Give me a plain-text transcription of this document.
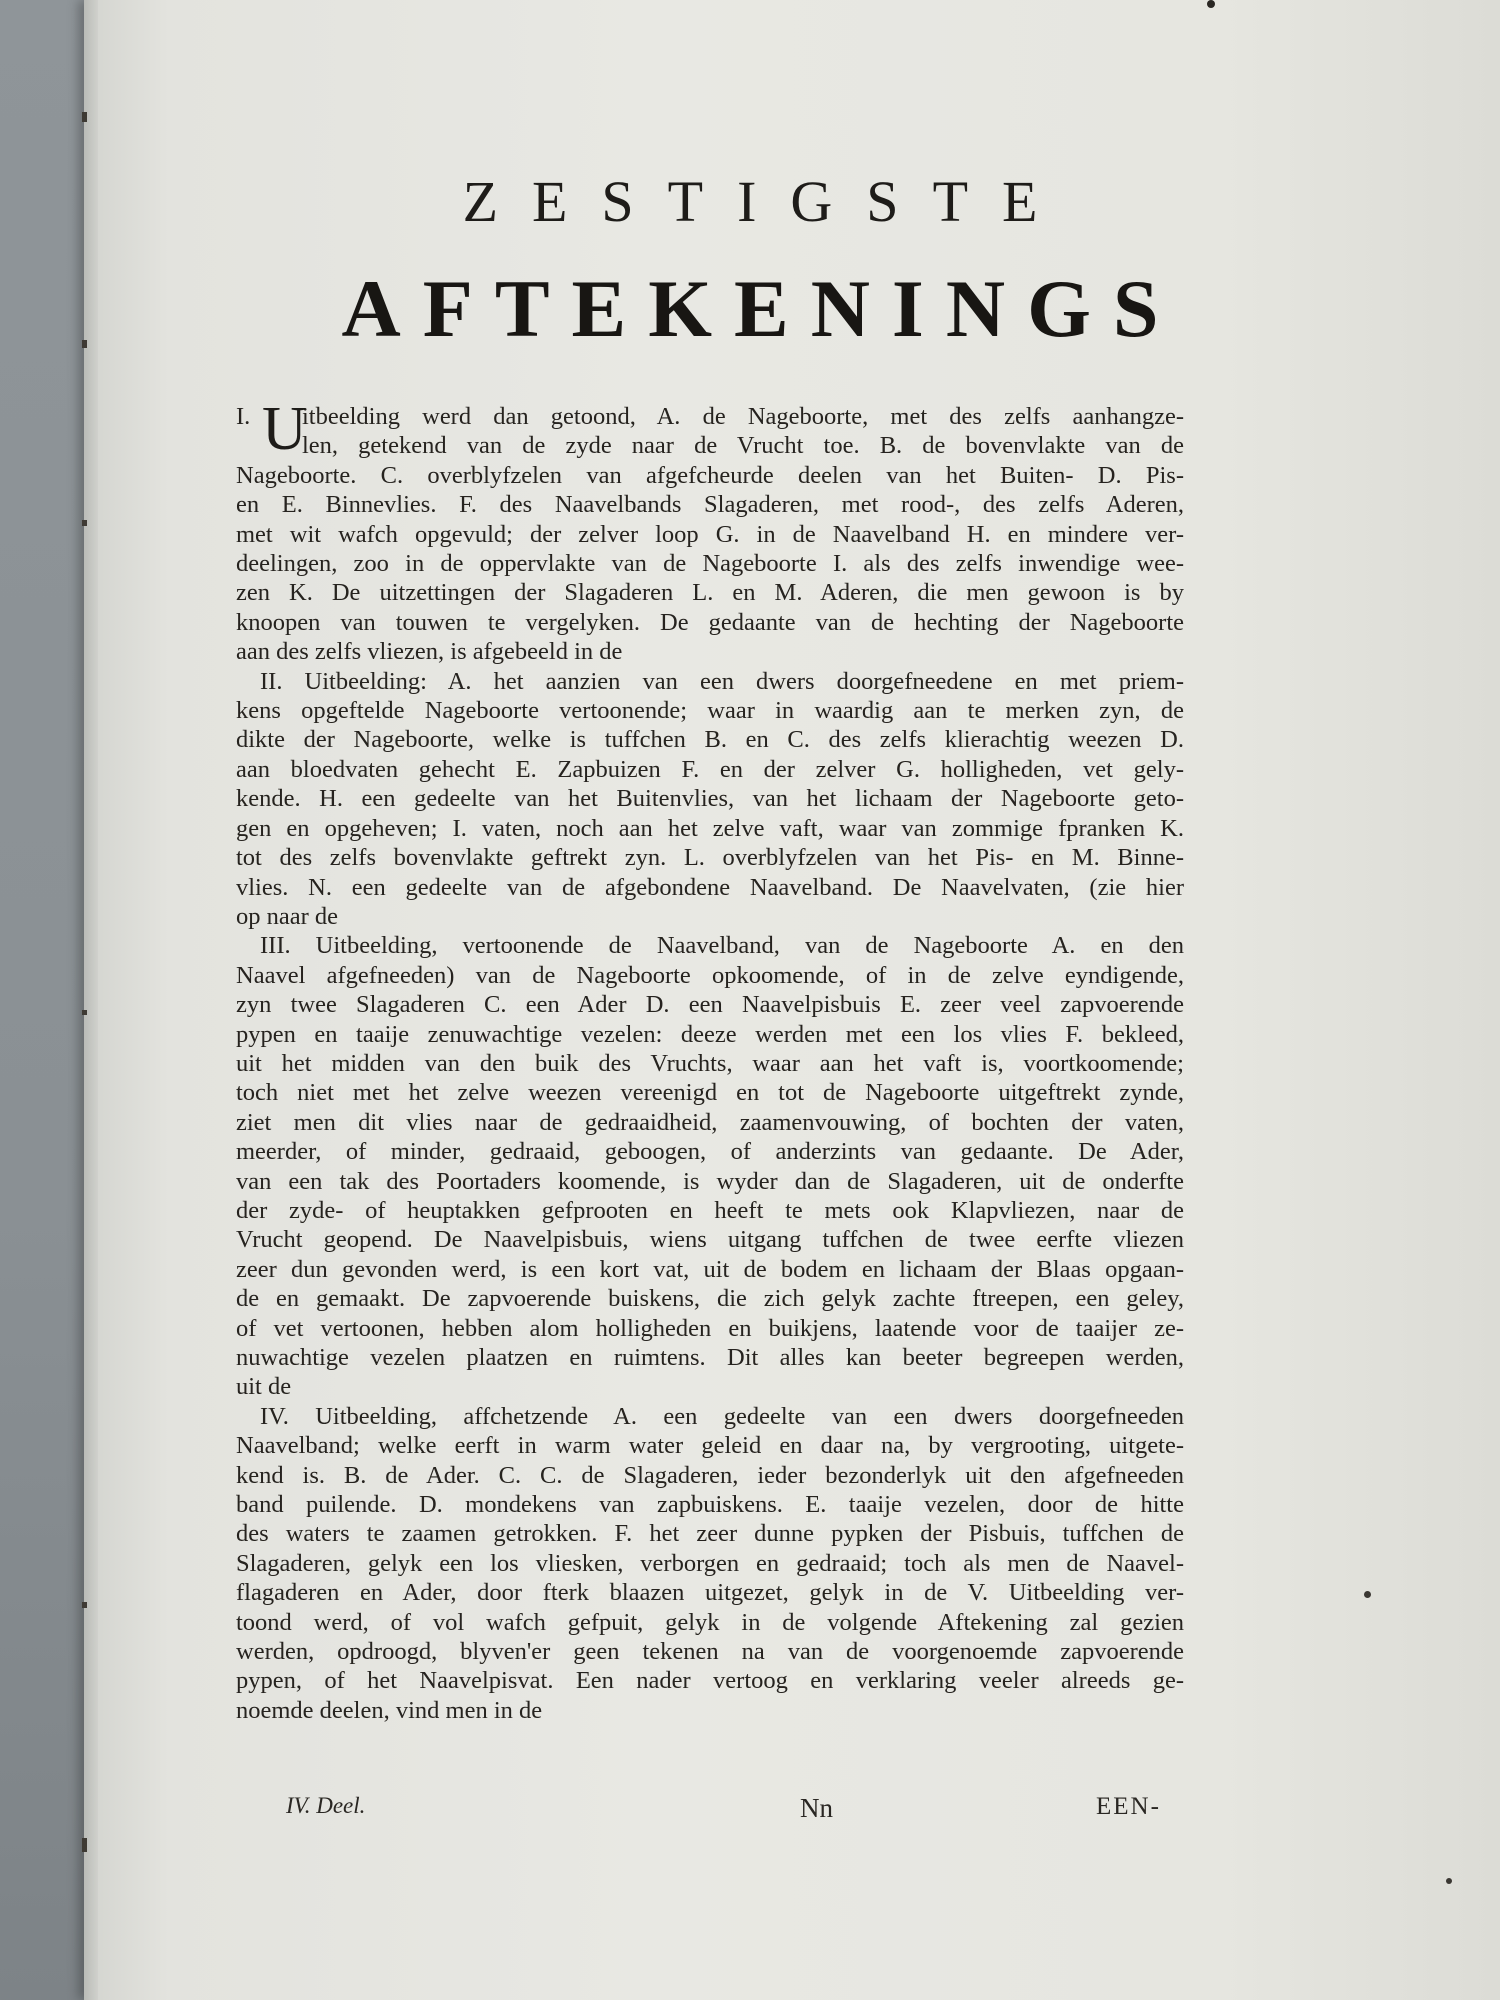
ZESTIGSTE
AFTEKENINGS
I. U
itbeelding werd dan getoond, A. de Nageboorte, met des zelfs aanhangze-
len, getekend van de zyde naar de Vrucht toe. B. de bovenvlakte van de
Nageboorte. C. overblyfzelen van afgefcheurde deelen van het Buiten- D. Pis-
en E. Binnevlies. F. des Naavelbands Slagaderen, met rood-, des zelfs Aderen,
met wit wafch opgevuld; der zelver loop G. in de Naavelband H. en mindere ver-
deelingen, zoo in de oppervlakte van de Nageboorte I. als des zelfs inwendige wee-
zen K. De uitzettingen der Slagaderen L. en M. Aderen, die men gewoon is by
knoopen van touwen te vergelyken. De gedaante van de hechting der Nageboorte
aan des zelfs vliezen, is afgebeeld in de
II. Uitbeelding: A. het aanzien van een dwers doorgefneedene en met priem-
kens opgeftelde Nageboorte vertoonende; waar in waardig aan te merken zyn, de
dikte der Nageboorte, welke is tuffchen B. en C. des zelfs klierachtig weezen D.
aan bloedvaten gehecht E. Zapbuizen F. en der zelver G. holligheden, vet gely-
kende. H. een gedeelte van het Buitenvlies, van het lichaam der Nageboorte geto-
gen en opgeheven; I. vaten, noch aan het zelve vaft, waar van zommige fpranken K.
tot des zelfs bovenvlakte geftrekt zyn. L. overblyfzelen van het Pis- en M. Binne-
vlies. N. een gedeelte van de afgebondene Naavelband. De Naavelvaten, (zie hier
op naar de
III. Uitbeelding, vertoonende de Naavelband, van de Nageboorte A. en den
Naavel afgefneeden) van de Nageboorte opkoomende, of in de zelve eyndigende,
zyn twee Slagaderen C. een Ader D. een Naavelpisbuis E. zeer veel zapvoerende
pypen en taaije zenuwachtige vezelen: deeze werden met een los vlies F. bekleed,
uit het midden van den buik des Vruchts, waar aan het vaft is, voortkoomende;
toch niet met het zelve weezen vereenigd en tot de Nageboorte uitgeftrekt zynde,
ziet men dit vlies naar de gedraaidheid, zaamenvouwing, of bochten der vaten,
meerder, of minder, gedraaid, geboogen, of anderzints van gedaante. De Ader,
van een tak des Poortaders koomende, is wyder dan de Slagaderen, uit de onderfte
der zyde- of heuptakken gefprooten en heeft te mets ook Klapvliezen, naar de
Vrucht geopend. De Naavelpisbuis, wiens uitgang tuffchen de twee eerfte vliezen
zeer dun gevonden werd, is een kort vat, uit de bodem en lichaam der Blaas opgaan-
de en gemaakt. De zapvoerende buiskens, die zich gelyk zachte ftreepen, een geley,
of vet vertoonen, hebben alom holligheden en buikjens, laatende voor de taaijer ze-
nuwachtige vezelen plaatzen en ruimtens. Dit alles kan beeter begreepen werden,
uit de
IV. Uitbeelding, affchetzende A. een gedeelte van een dwers doorgefneeden
Naavelband; welke eerft in warm water geleid en daar na, by vergrooting, uitgete-
kend is. B. de Ader. C. C. de Slagaderen, ieder bezonderlyk uit den afgefneeden
band puilende. D. mondekens van zapbuiskens. E. taaije vezelen, door de hitte
des waters te zaamen getrokken. F. het zeer dunne pypken der Pisbuis, tuffchen de
Slagaderen, gelyk een los vliesken, verborgen en gedraaid; toch als men de Naavel-
flagaderen en Ader, door fterk blaazen uitgezet, gelyk in de V. Uitbeelding ver-
toond werd, of vol wafch gefpuit, gelyk in de volgende Aftekening zal gezien
werden, opdroogd, blyven'er geen tekenen na van de voorgenoemde zapvoerende
pypen, of het Naavelpisvat. Een nader vertoog en verklaring veeler alreeds ge-
noemde deelen, vind men in de
IV. Deel.	Nn	EEN-
